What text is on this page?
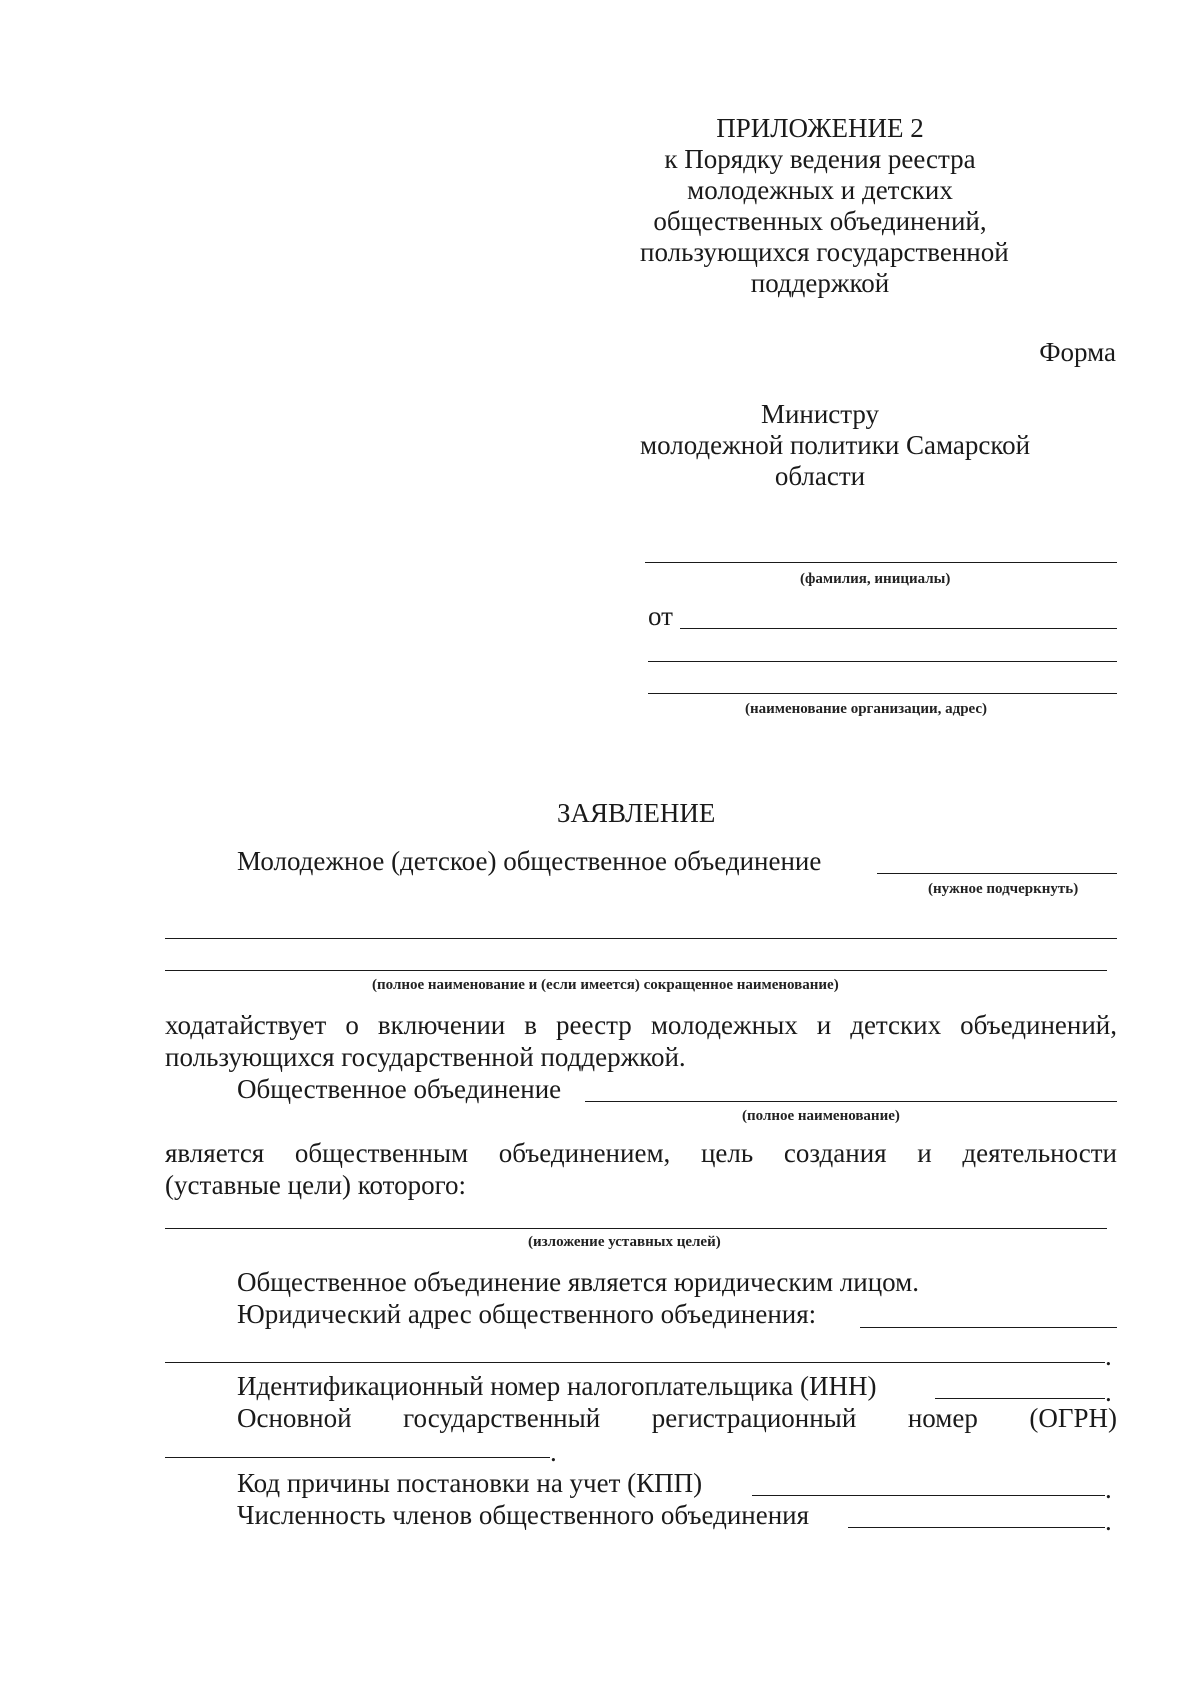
ПРИЛОЖЕНИЕ 2
к Порядку ведения реестра
молодежных и детских
общественных объединений,
пользующихся государственной
поддержкой
Форма
Министру
молодежной политики Самарской
области
(фамилия, инициалы)
от
(наименование организации, адрес)
ЗАЯВЛЕНИЕ
Молодежное (детское) общественное объединение
(нужное подчеркнуть)
(полное наименование и (если имеется) сокращенное наименование)
ходатайствует о включении в реестр молодежных и детских объединений,
пользующихся государственной поддержкой.
Общественное объединение
(полное наименование)
является общественным объединением, цель создания и деятельности
(уставные цели) которого:
(изложение уставных целей)
Общественное объединение является юридическим лицом.
Юридический адрес общественного объединения:
.
Идентификационный номер налогоплательщика (ИНН)	.
Основной государственный регистрационный номер (ОГРН)
.
Код причины постановки на учет (КПП)	.
Численность членов общественного объединения	.
